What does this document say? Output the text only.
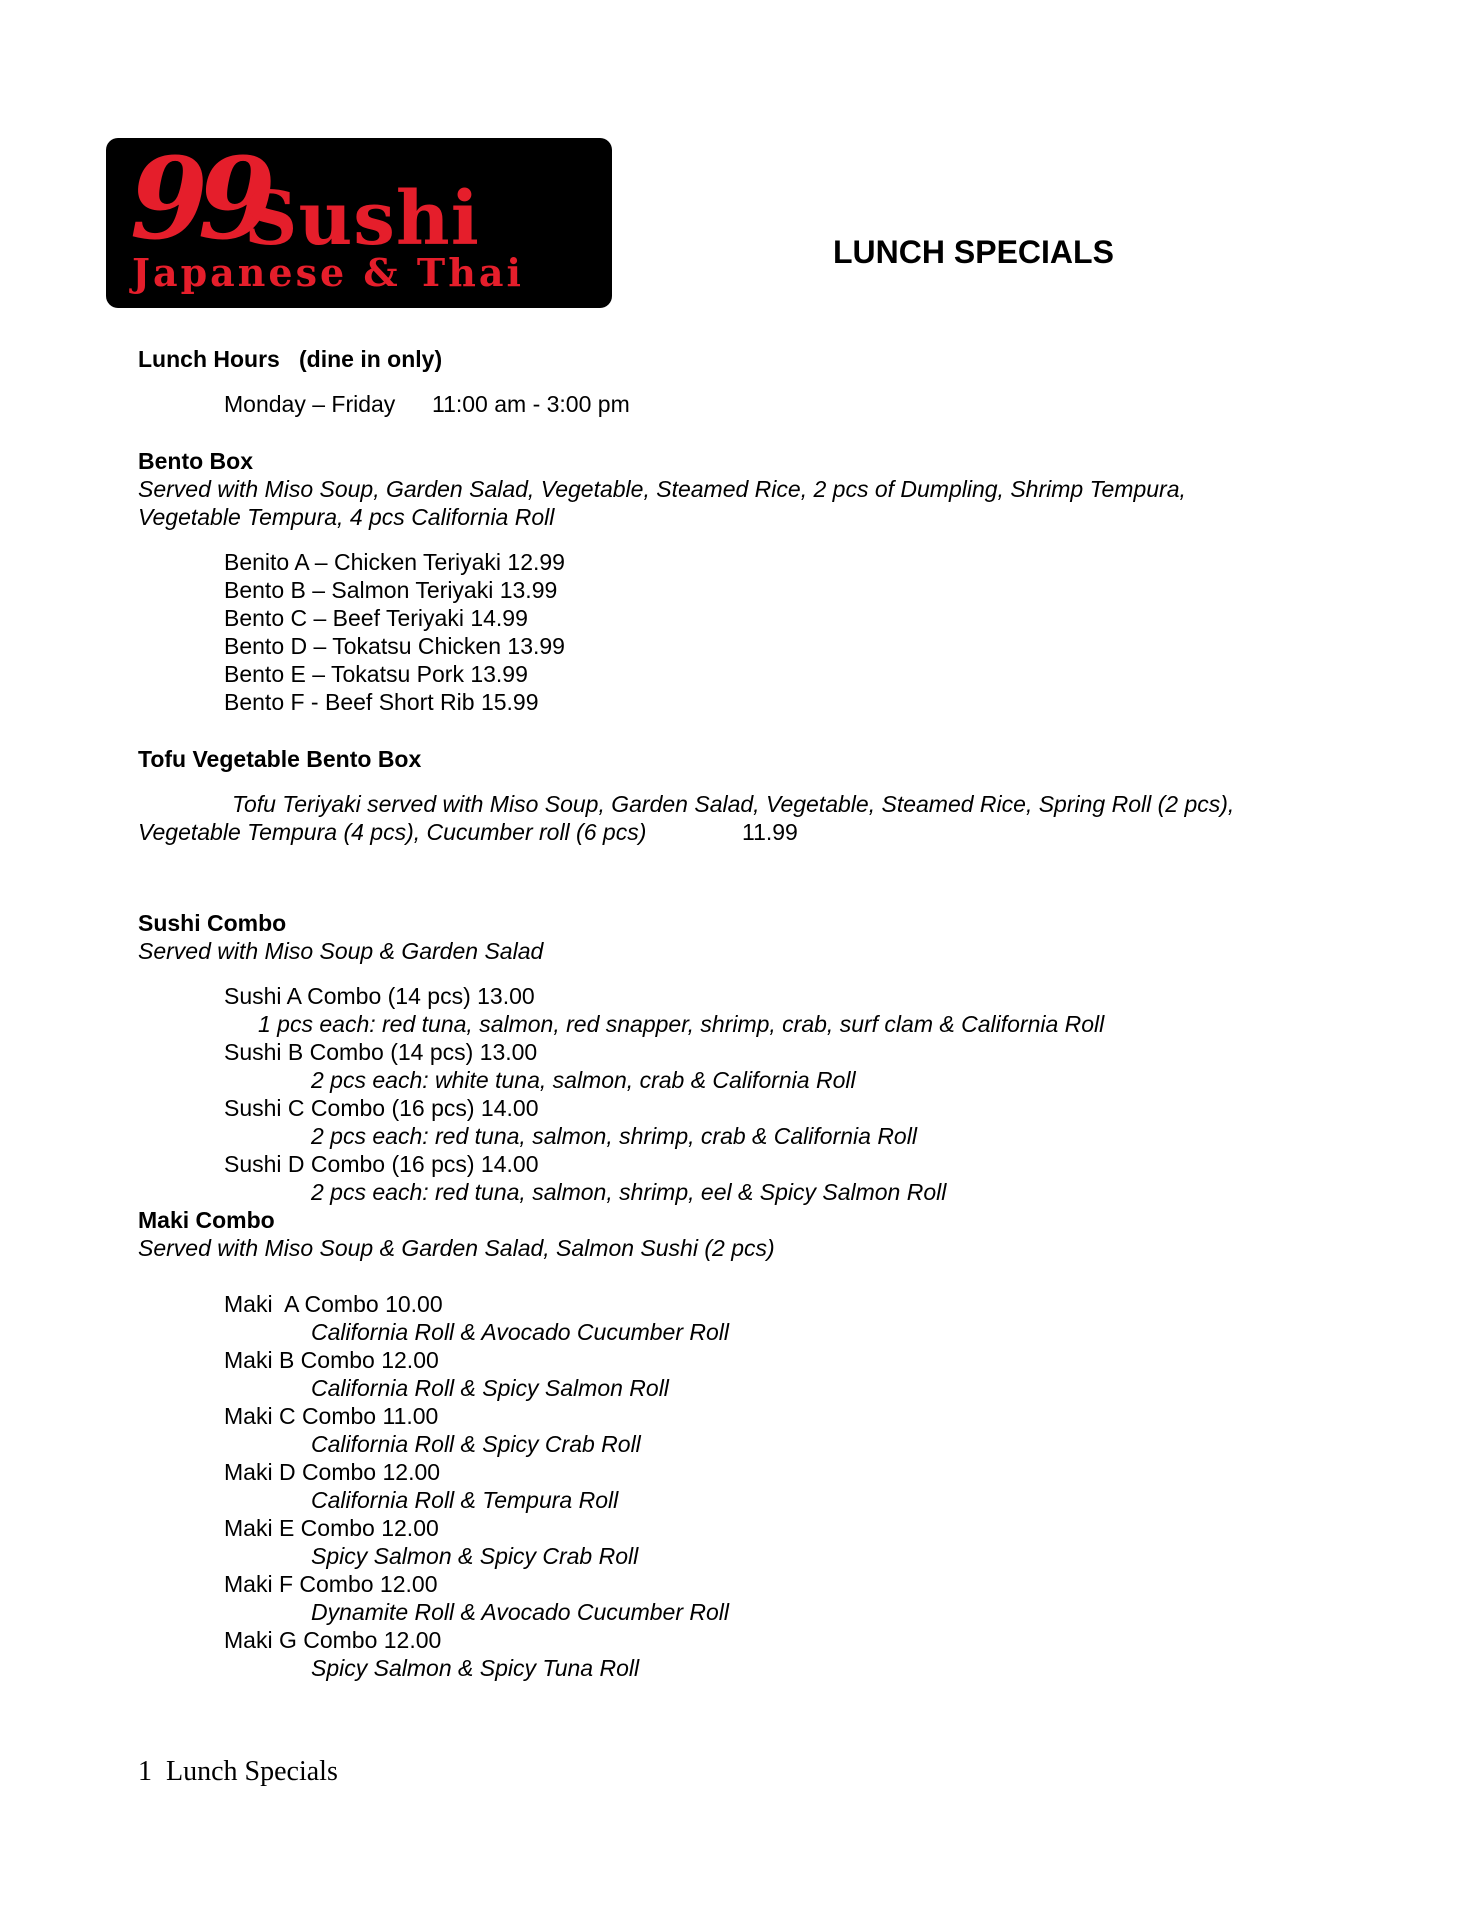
99
Sushi
Japanese & Thai	LUNCH SPECIALS
Lunch Hours   (dine in only)
Monday – Friday 11:00 am - 3:00 pm
Bento Box
Served with Miso Soup, Garden Salad, Vegetable, Steamed Rice, 2 pcs of Dumpling, Shrimp Tempura,
Vegetable Tempura, 4 pcs California Roll
Benito A – Chicken Teriyaki 12.99
Bento B – Salmon Teriyaki 13.99
Bento C – Beef Teriyaki 14.99
Bento D – Tokatsu Chicken 13.99
Bento E – Tokatsu Pork 13.99
Bento F - Beef Short Rib 15.99
Tofu Vegetable Bento Box
Tofu Teriyaki served with Miso Soup, Garden Salad, Vegetable, Steamed Rice, Spring Roll (2 pcs),
Vegetable Tempura (4 pcs), Cucumber roll (6 pcs)	11.99
Sushi Combo
Served with Miso Soup & Garden Salad
Sushi A Combo (14 pcs) 13.00
1 pcs each: red tuna, salmon, red snapper, shrimp, crab, surf clam & California Roll
Sushi B Combo (14 pcs) 13.00
2 pcs each: white tuna, salmon, crab & California Roll
Sushi C Combo (16 pcs) 14.00
2 pcs each: red tuna, salmon, shrimp, crab & California Roll
Sushi D Combo (16 pcs) 14.00
2 pcs each: red tuna, salmon, shrimp, eel & Spicy Salmon Roll
Maki Combo
Served with Miso Soup & Garden Salad, Salmon Sushi (2 pcs)
Maki  A Combo 10.00
California Roll & Avocado Cucumber Roll
Maki B Combo 12.00
California Roll & Spicy Salmon Roll
Maki C Combo 11.00
California Roll & Spicy Crab Roll
Maki D Combo 12.00
California Roll & Tempura Roll
Maki E Combo 12.00
Spicy Salmon & Spicy Crab Roll
Maki F Combo 12.00
Dynamite Roll & Avocado Cucumber Roll
Maki G Combo 12.00
Spicy Salmon & Spicy Tuna Roll
1 Lunch Specials
